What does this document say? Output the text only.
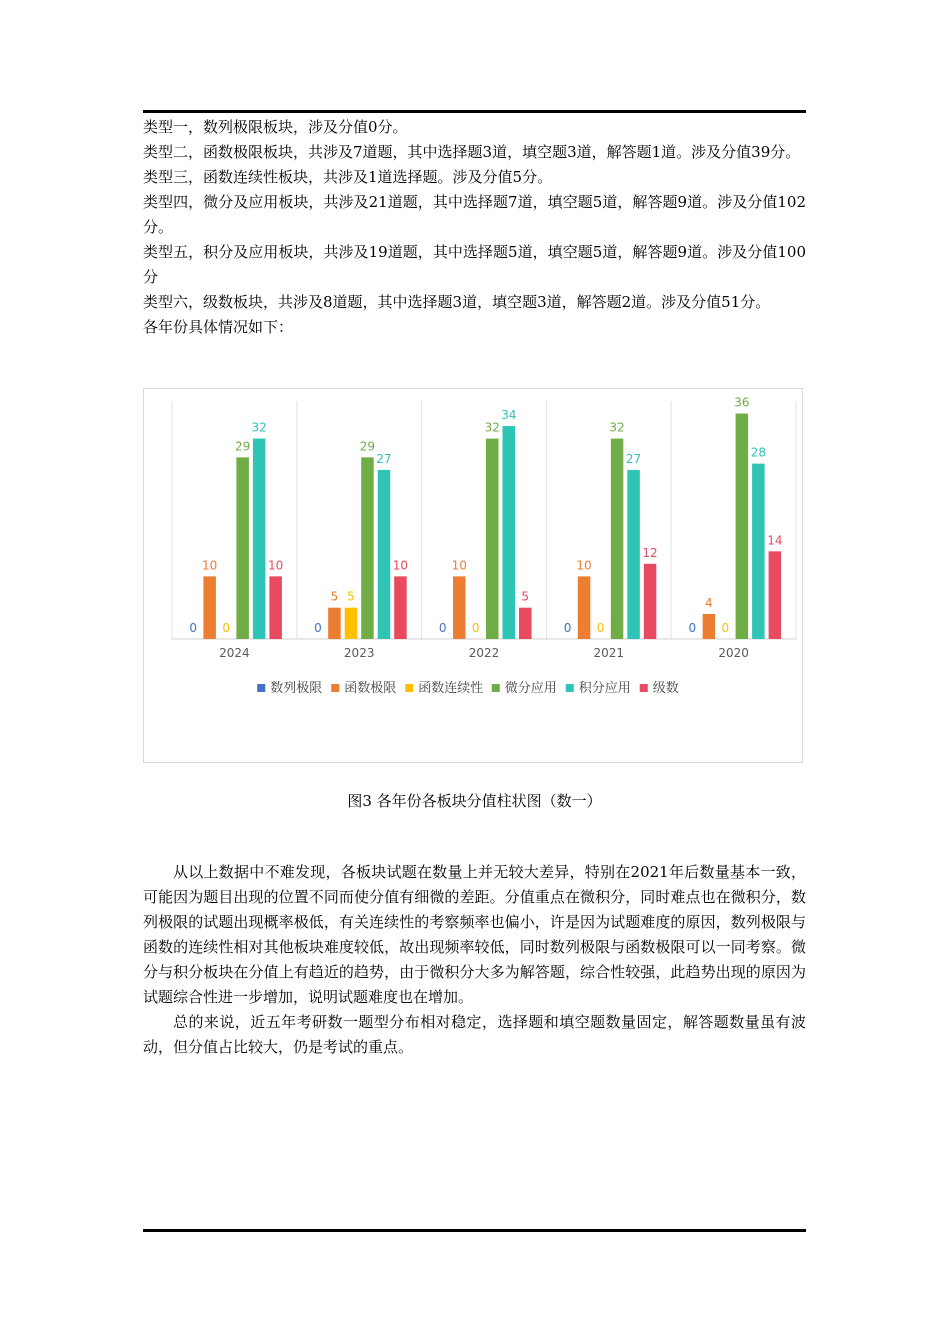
类型一，数列极限板块，涉及分值0分。

类型二，函数极限板块，共涉及7道题，其中选择题3道，填空题3道，解答题1道。涉及分值39分。

类型三，函数连续性板块，共涉及1道选择题。涉及分值5分。

类型四，微分及应用板块，共涉及21道题，其中选择题7道，填空题5道，解答题9道。涉及分值102分。

类型五，积分及应用板块，共涉及19道题，其中选择题5道，填空题5道，解答题9道。涉及分值100分

类型六，级数板块，共涉及8道题，其中选择题3道，填空题3道，解答题2道。涉及分值51分。

各年份具体情况如下：

0
10
0
29
32
10
2024
0
5 5
29
27
10
2023
0
10
0
32
34
5
2022
0
10
0
32
27
12
2021
0
4
0
36
28
14
2020
数列极限 函数极限 函数连续性 微分应用 积分应用 级数
图3 各年份各板块分值柱状图（数一）

从以上数据中不难发现，各板块试题在数量上并无较大差异，特别在2021年后数量基本一致，可能因为题目出现的位置不同而使分值有细微的差距。分值重点在微积分，同时难点也在微积分，数列极限的试题出现概率极低，有关连续性的考察频率也偏小，许是因为试题难度的原因，数列极限与函数的连续性相对其他板块难度较低，故出现频率较低，同时数列极限与函数极限可以一同考察。微分与积分板块在分值上有趋近的趋势，由于微积分大多为解答题，综合性较强，此趋势出现的原因为试题综合性进一步增加，说明试题难度也在增加。

总的来说，近五年考研数一题型分布相对稳定，选择题和填空题数量固定，解答题数量虽有波动，但分值占比较大，仍是考试的重点。
